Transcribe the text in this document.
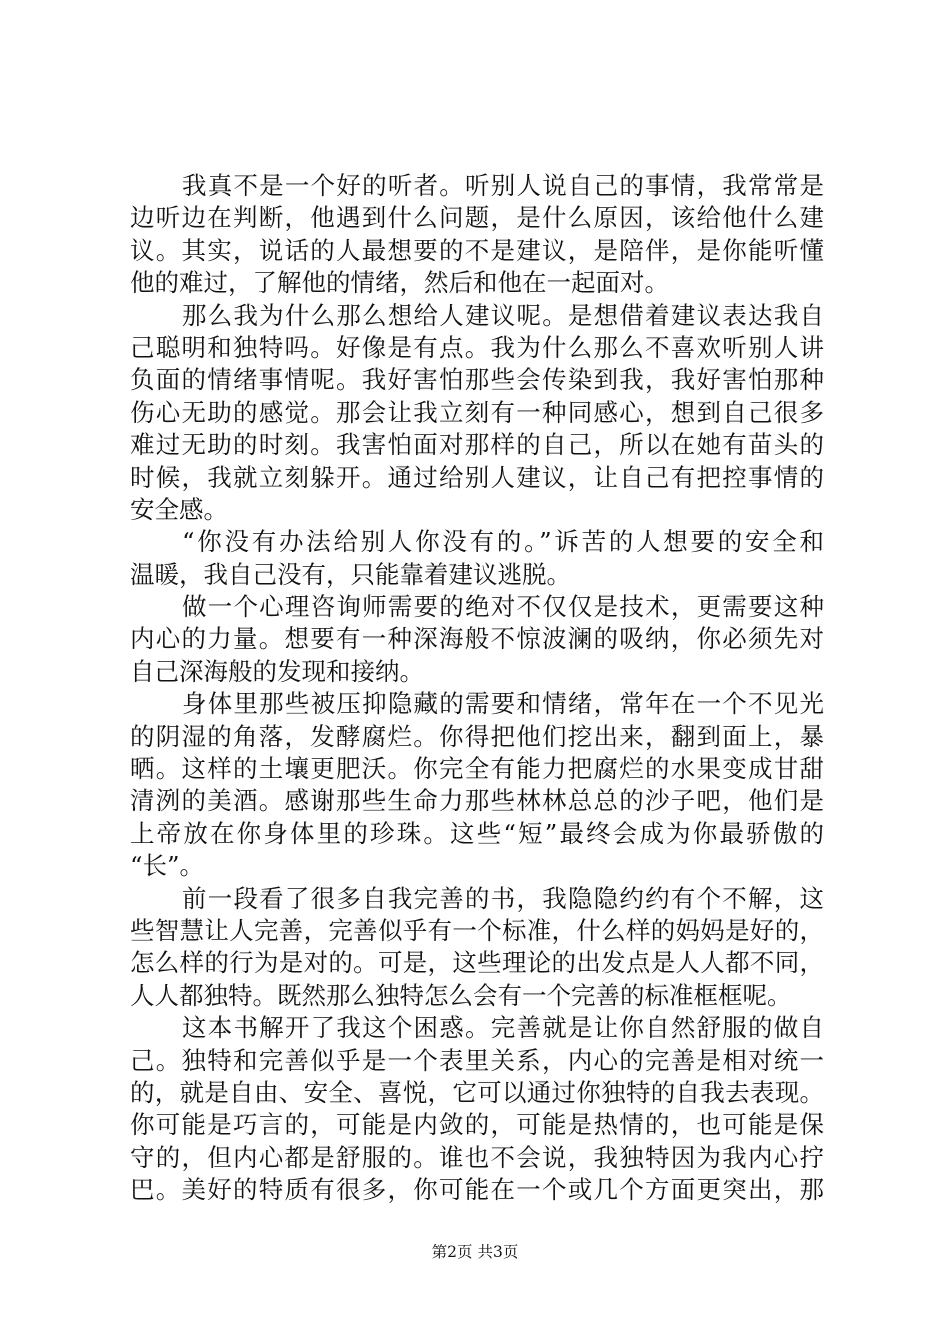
我真不是一个好的听者。听别人说自己的事情，我常常是
边听边在判断，他遇到什么问题，是什么原因，该给他什么建
议。其实，说话的人最想要的不是建议，是陪伴，是你能听懂
他的难过，了解他的情绪，然后和他在一起面对。
那么我为什么那么想给人建议呢。是想借着建议表达我自
己聪明和独特吗。好像是有点。我为什么那么不喜欢听别人讲
负面的情绪事情呢。我好害怕那些会传染到我，我好害怕那种
伤心无助的感觉。那会让我立刻有一种同感心，想到自己很多
难过无助的时刻。我害怕面对那样的自己，所以在她有苗头的
时候，我就立刻躲开。通过给别人建议，让自己有把控事情的
安全感。
“你没有办法给别人你没有的。”诉苦的人想要的安全和
温暖，我自己没有，只能靠着建议逃脱。
做一个心理咨询师需要的绝对不仅仅是技术，更需要这种
内心的力量。想要有一种深海般不惊波澜的吸纳，你必须先对
自己深海般的发现和接纳。
身体里那些被压抑隐藏的需要和情绪，常年在一个不见光
的阴湿的角落，发酵腐烂。你得把他们挖出来，翻到面上，暴
晒。这样的土壤更肥沃。你完全有能力把腐烂的水果变成甘甜
清洌的美酒。感谢那些生命力那些林林总总的沙子吧，他们是
上帝放在你身体里的珍珠。这些“短”最终会成为你最骄傲的
“长”。
前一段看了很多自我完善的书，我隐隐约约有个不解，这
些智慧让人完善，完善似乎有一个标准，什么样的妈妈是好的，
怎么样的行为是对的。可是，这些理论的出发点是人人都不同，
人人都独特。既然那么独特怎么会有一个完善的标准框框呢。
这本书解开了我这个困惑。完善就是让你自然舒服的做自
己。独特和完善似乎是一个表里关系，内心的完善是相对统一
的，就是自由、安全、喜悦，它可以通过你独特的自我去表现。
你可能是巧言的，可能是内敛的，可能是热情的，也可能是保
守的，但内心都是舒服的。谁也不会说，我独特因为我内心拧
巴。美好的特质有很多，你可能在一个或几个方面更突出，那
第2页 共3页
